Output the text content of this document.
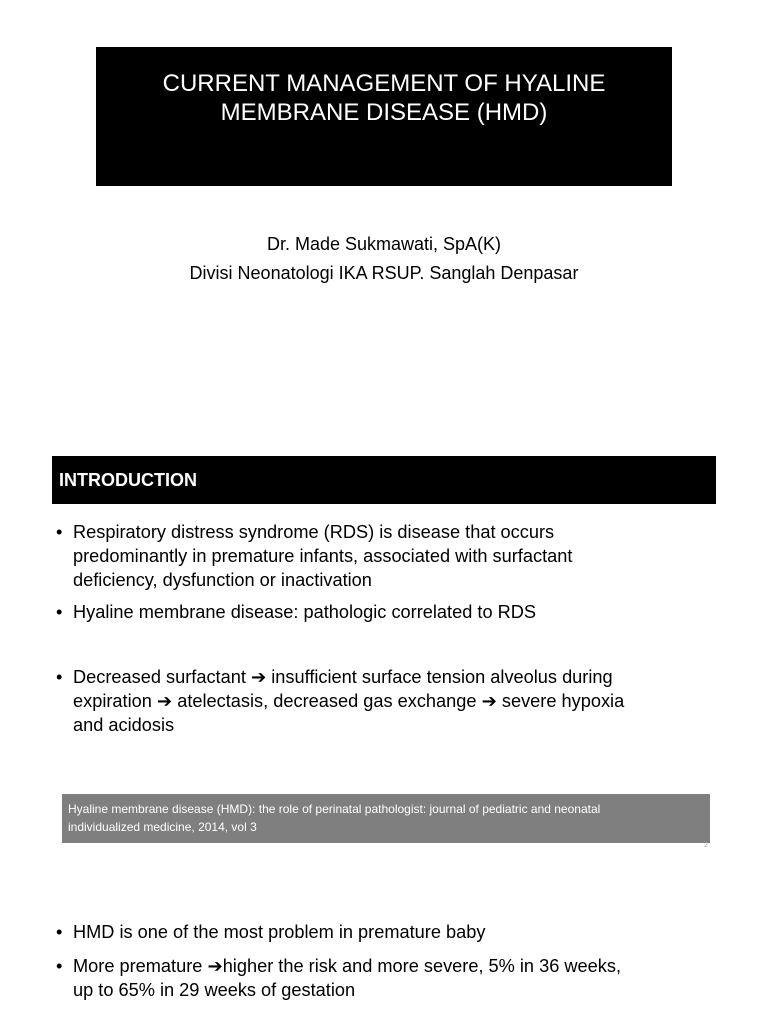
CURRENT MANAGEMENT OF HYALINE
MEMBRANE DISEASE (HMD)
Dr. Made Sukmawati, SpA(K)
Divisi Neonatologi IKA RSUP. Sanglah Denpasar
INTRODUCTION
• Respiratory distress syndrome (RDS) is disease that occurs
predominantly in premature infants, associated with surfactant
deficiency, dysfunction or inactivation
• Hyaline membrane disease: pathologic correlated to RDS
• Decreased surfactant ➔ insufficient surface tension alveolus during
expiration ➔ atelectasis, decreased gas exchange ➔ severe hypoxia
and acidosis
Hyaline membrane disease (HMD): the role of perinatal pathologist: journal of pediatric and neonatal
individualized medicine, 2014, vol 3
2
• HMD is one of the most problem in premature baby
• More premature ➔higher the risk and more severe, 5% in 36 weeks,
up to 65% in 29 weeks of gestation
